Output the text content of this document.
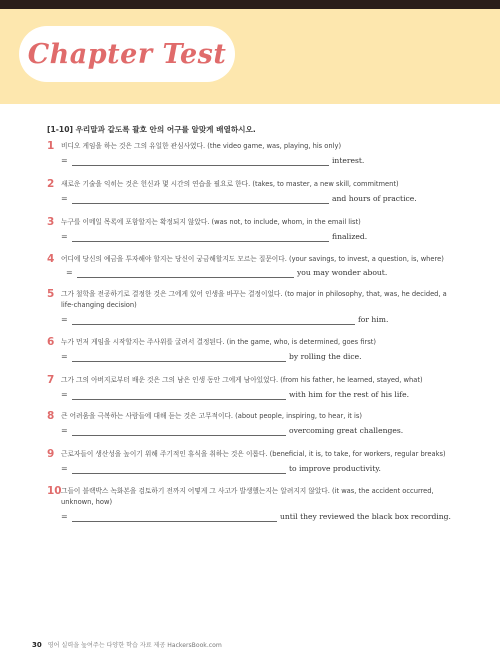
Chapter Test
[1-10] 우리말과 같도록 괄호 안의 어구를 알맞게 배열하시오.
1 비디오 게임을 하는 것은 그의 유일한 관심사였다. (the video game, was, playing, his only)
=	interest.
2 새로운 기술을 익히는 것은 헌신과 몇 시간의 연습을 필요로 한다. (takes, to master, a new skill, commitment)
=	and hours of practice.
3 누구를 이메일 목록에 포함할지는 확정되지 않았다. (was not, to include, whom, in the email list)
=	finalized.
4 어디에 당신의 예금을 투자해야 할지는 당신이 궁금해할지도 모르는 질문이다. (your savings, to invest, a question, is, where)
=	you may wonder about.
5 그가 철학을 전공하기로 결정한 것은 그에게 있어 인생을 바꾸는 결정이었다. (to major in philosophy, that, was, he decided, a life-changing decision)
=	for him.
6 누가 먼저 게임을 시작할지는 주사위를 굴려서 결정된다. (in the game, who, is determined, goes first)
=	by rolling the dice.
7 그가 그의 아버지로부터 배운 것은 그의 남은 인생 동안 그에게 남아있었다. (from his father, he learned, stayed, what)
=	with him for the rest of his life.
8 큰 어려움을 극복하는 사람들에 대해 듣는 것은 고무적이다. (about people, inspiring, to hear, it is)
=	overcoming great challenges.
9 근로자들이 생산성을 높이기 위해 주기적인 휴식을 취하는 것은 이롭다. (beneficial, it is, to take, for workers, regular breaks)
=	to improve productivity.
10 그들이 블랙박스 녹화본을 검토하기 전까지 어떻게 그 사고가 발생했는지는 알려지지 않았다. (it was, the accident occurred, unknown, how)
=	until they reviewed the black box recording.
30 영어 실력을 높여주는 다양한 학습 자료 제공 HackersBook.com
